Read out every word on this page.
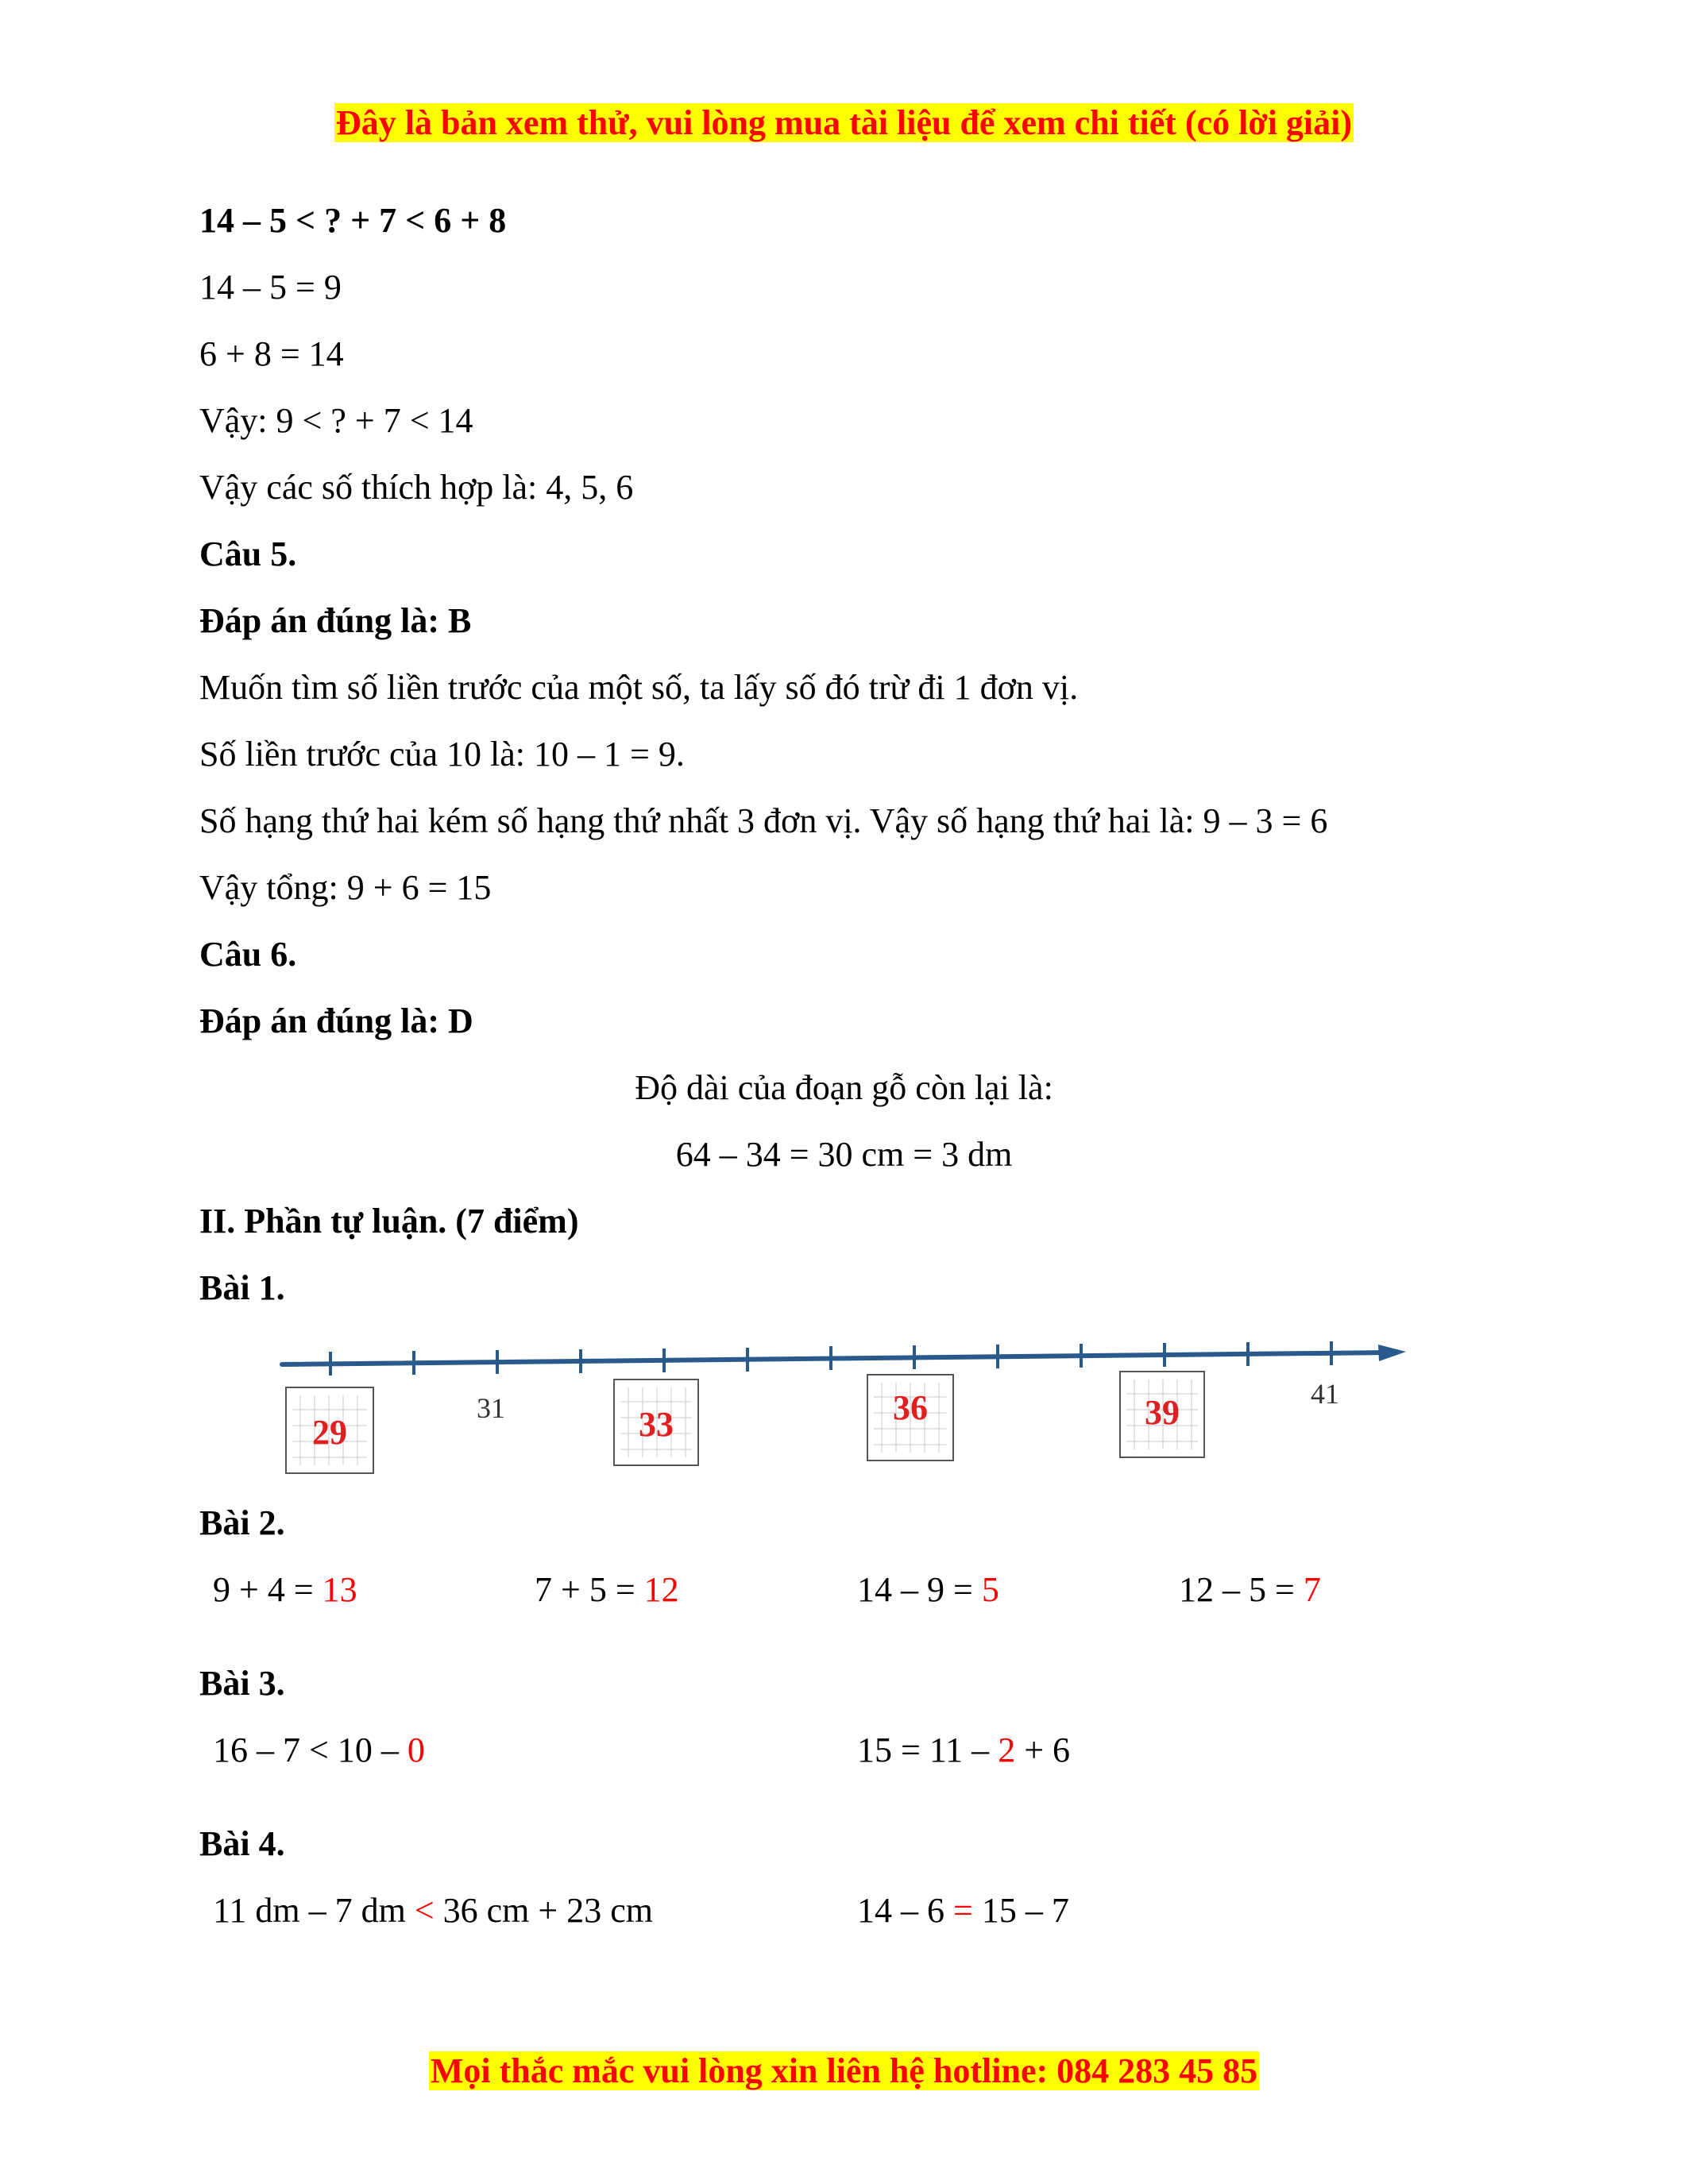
Đây là bản xem thử, vui lòng mua tài liệu để xem chi tiết (có lời giải)
14 – 5 < ? + 7 < 6 + 8
14 – 5 = 9
6 + 8 = 14
Vậy: 9 < ? + 7 < 14
Vậy các số thích hợp là: 4, 5, 6
Câu 5.
Đáp án đúng là: B
Muốn tìm số liền trước của một số, ta lấy số đó trừ đi 1 đơn vị.
Số liền trước của 10 là: 10 – 1 = 9.
Số hạng thứ hai kém số hạng thứ nhất 3 đơn vị. Vậy số hạng thứ hai là: 9 – 3 = 6
Vậy tổng: 9 + 6 = 15
Câu 6.
Đáp án đúng là: D
Độ dài của đoạn gỗ còn lại là:
64 – 34 = 30 cm = 3 dm
II. Phần tự luận. (7 điểm)
Bài 1.
31	41
29	33	36	39
Bài 2.
9 + 4 = 13	7 + 5 = 12	14 – 9 = 5	12 – 5 = 7
Bài 3.
16 – 7 < 10 – 0	15 = 11 – 2 + 6
Bài 4.
11 dm – 7 dm < 36 cm + 23 cm	14 – 6 = 15 – 7
Mọi thắc mắc vui lòng xin liên hệ hotline: 084 283 45 85
